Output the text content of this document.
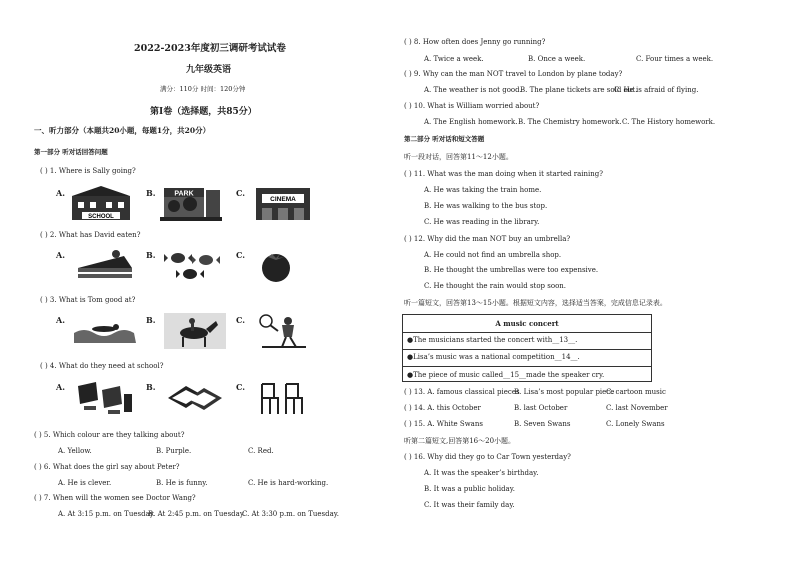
2022-2023年度初三调研考试试卷
九年级英语
满分：110分 时间：120分钟
第Ⅰ卷（选择题，共85分）
一、听力部分（本题共20小题，每题1分，共20分）
第一部分 听对话回答问题
( ) 1. Where is Sally going?
A.
SCHOOL
B.	PARK	C.
CINEMA
( ) 2. What has David eaten?
A.	B.	C.
( ) 3. What is Tom good at?
A.	B.	C.
( ) 4. What do they need at school?
A.	B.	C.
( ) 5. Which colour are they talking about?
A. Yellow.	B. Purple.	C. Red.
( ) 6. What does the girl say about Peter?
A. He is clever.	B. He is funny.	C. He is hard-working.
( ) 7. When will the women see Doctor Wang?
A. At 3:15 p.m. on Tuesday.
B. At 2:45 p.m. on Tuesday.
C. At 3:30 p.m. on Tuesday.
( ) 8. How often does Jenny go running?
A. Twice a week.	B. Once a week.	C. Four times a week.
( ) 9. Why can the man NOT travel to London by plane today?
A. The weather is not good.
B. The plane tickets are sold out.
C. He is afraid of flying.
( ) 10. What is William worried about?
A. The English homework. B. The Chemistry homework. C. The History homework.
第二部分 听对话和短文答题
听一段对话，回答第11～12小题。
( ) 11. What was the man doing when it started raining?
A. He was taking the train home.
B. He was walking to the bus stop.
C. He was reading in the library.
( ) 12. Why did the man NOT buy an umbrella?
A. He could not find an umbrella shop.
B. He thought the umbrellas were too expensive.
C. He thought the rain would stop soon.
听一篇短文，回答第13～15小题。根据短文内容，选择适当答案，完成信息记录表。
A music concert
●The musicians started the concert with__13__.
●Lisa’s music was a national competition__14__.
●The piece of music called__15__made the speaker cry.
( ) 13. A. famous classical pieces
B. Lisa’s most popular piece
C. cartoon music
( ) 14. A. this October	B. last October	C. last November
( ) 15. A. White Swans	B. Seven Swans	C. Lonely Swans
听第二篇短文,回答第16～20小题。
( ) 16. Why did they go to Car Town yesterday?
A. It was the speaker’s birthday.
B. It was a public holiday.
C. It was their family day.
